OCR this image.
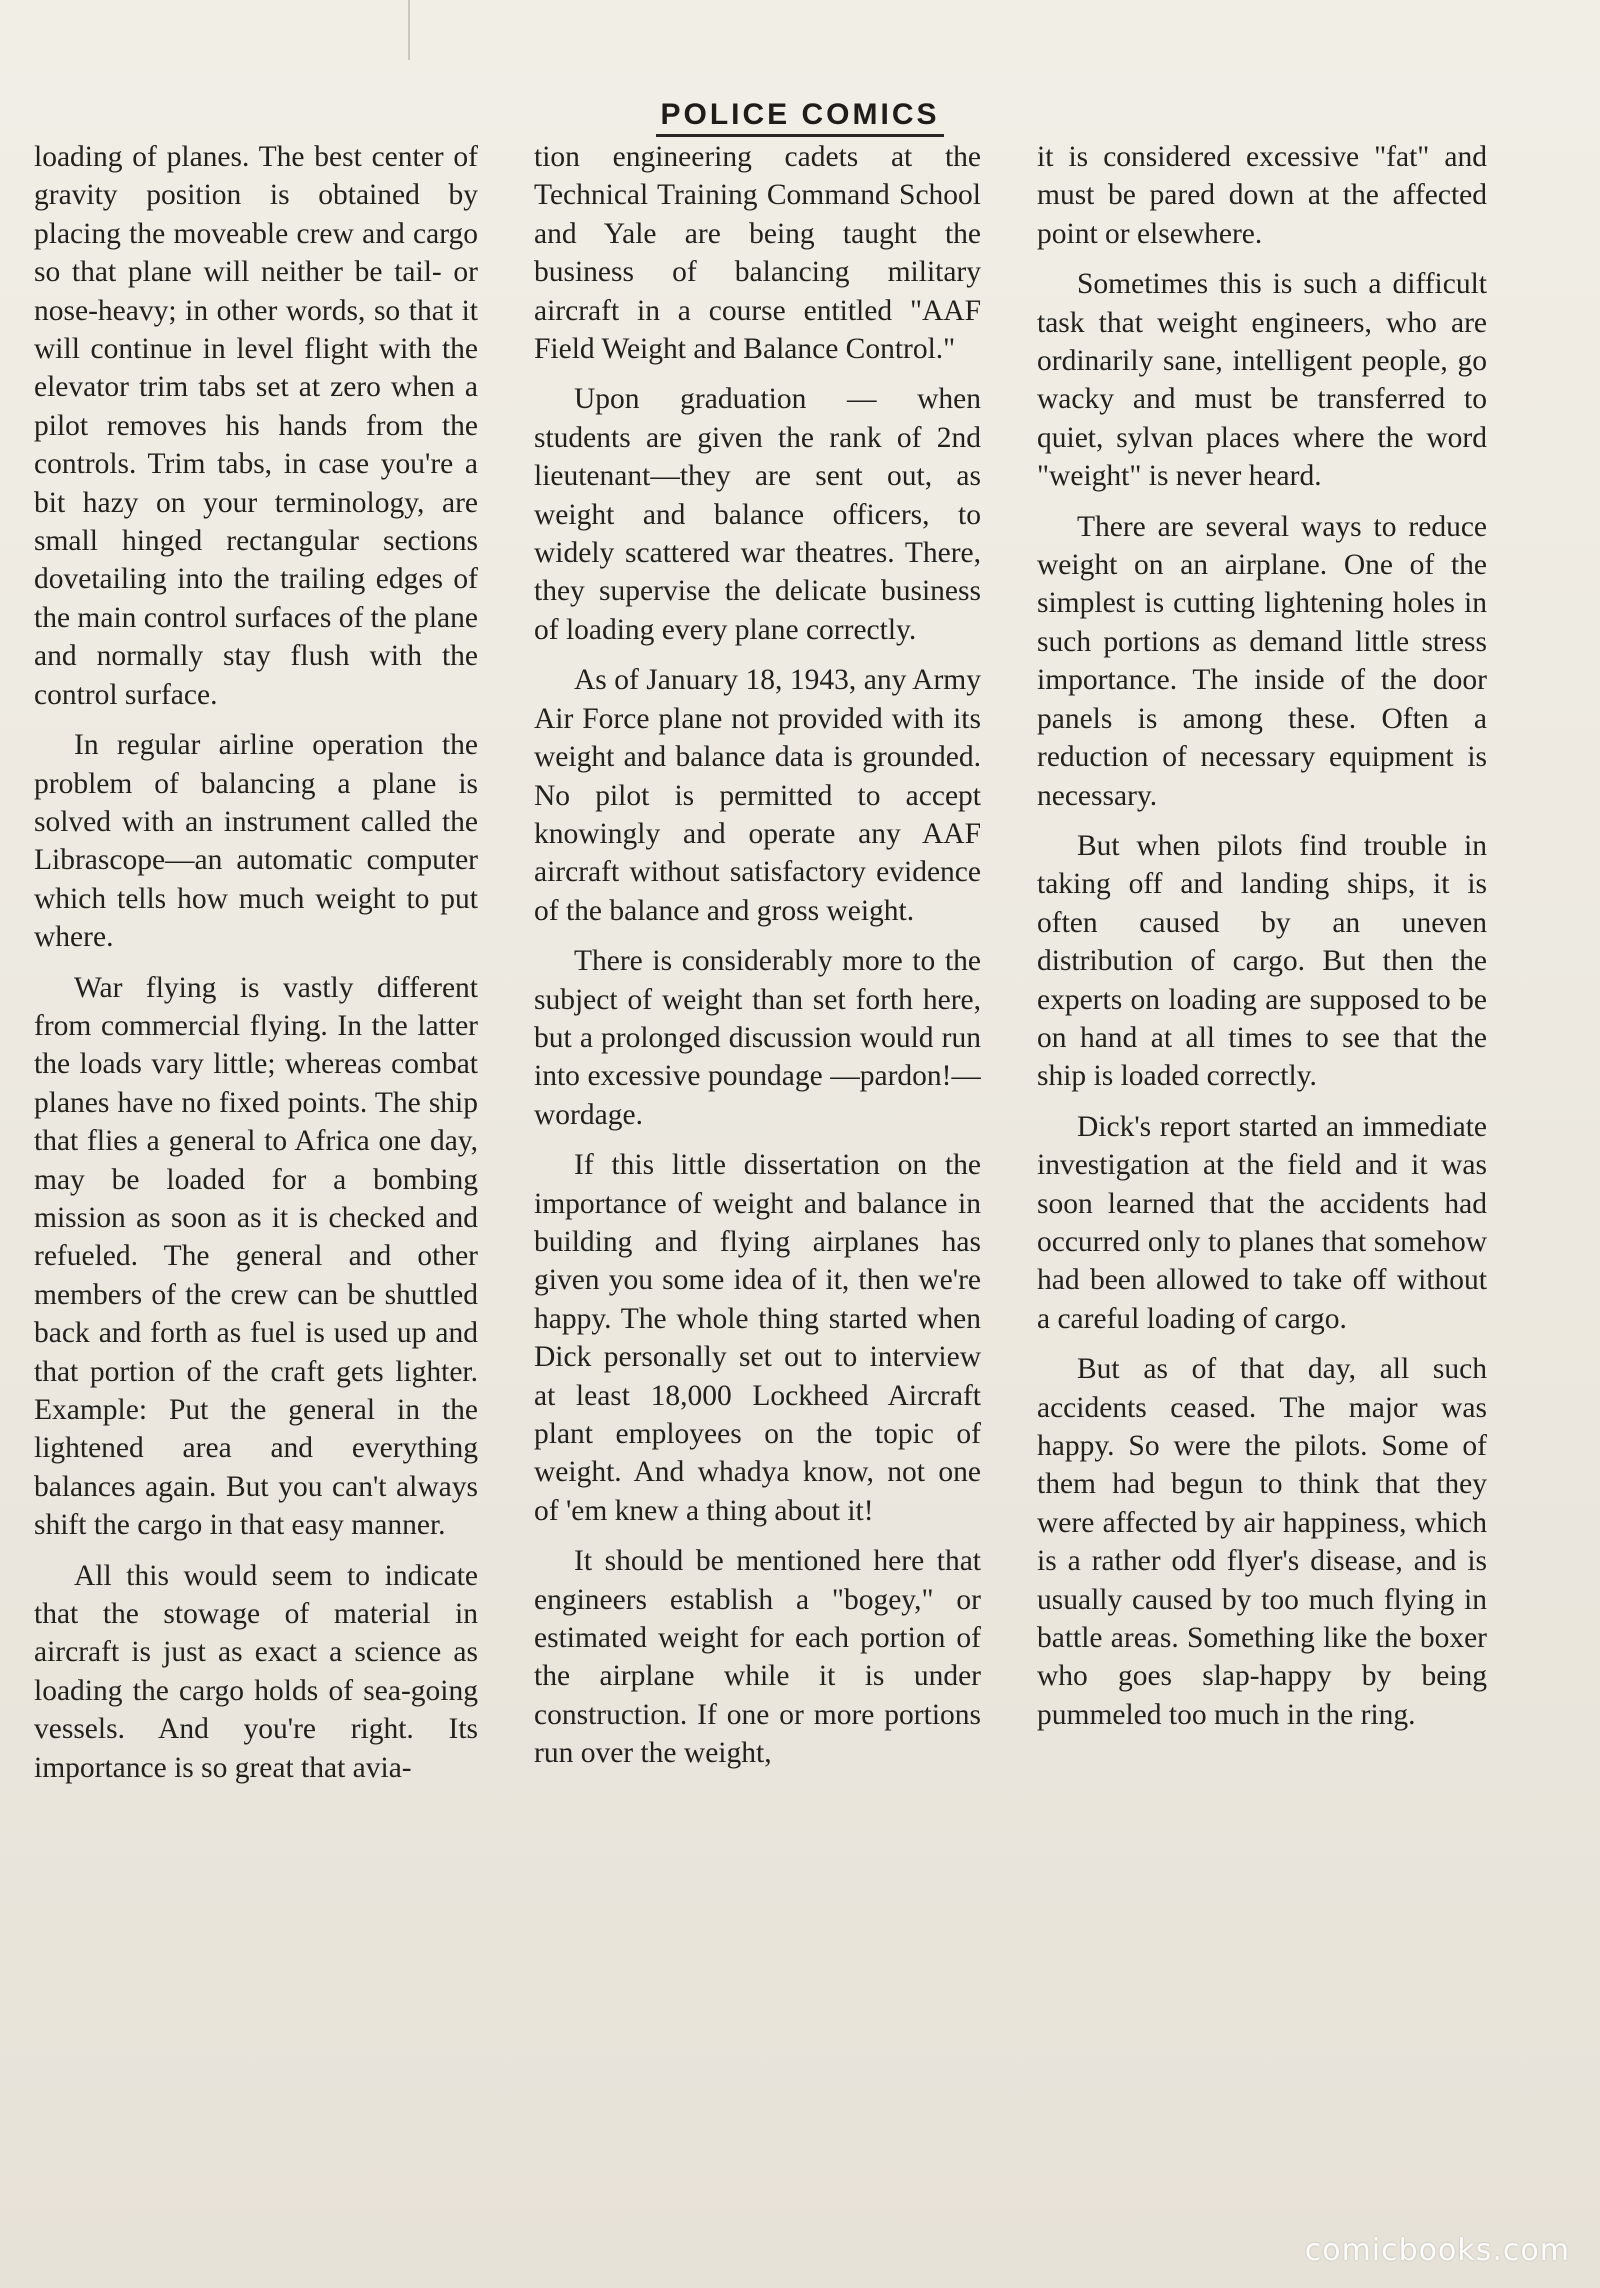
POLICE COMICS

loading of planes. The best center of gravity position is obtained by placing the moveable crew and cargo so that plane will neither be tail- or nose-heavy; in other words, so that it will continue in level flight with the elevator trim tabs set at zero when a pilot removes his hands from the controls. Trim tabs, in case you're a bit hazy on your terminology, are small hinged rectangular sections dovetailing into the trailing edges of the main control surfaces of the plane and normally stay flush with the control surface.

In regular airline operation the problem of balancing a plane is solved with an instrument called the Librascope—an automatic computer which tells how much weight to put where.

War flying is vastly different from commercial flying. In the latter the loads vary little; whereas combat planes have no fixed points. The ship that flies a general to Africa one day, may be loaded for a bombing mission as soon as it is checked and refueled. The general and other members of the crew can be shuttled back and forth as fuel is used up and that portion of the craft gets lighter. Example: Put the general in the lightened area and everything balances again. But you can't always shift the cargo in that easy manner.

All this would seem to indicate that the stowage of material in aircraft is just as exact a science as loading the cargo holds of sea-going vessels. And you're right. Its importance is so great that avia-

tion engineering cadets at the Technical Training Command School and Yale are being taught the business of balancing military aircraft in a course entitled "AAF Field Weight and Balance Control."

Upon graduation — when students are given the rank of 2nd lieutenant—they are sent out, as weight and balance officers, to widely scattered war theatres. There, they supervise the delicate business of loading every plane correctly.

As of January 18, 1943, any Army Air Force plane not provided with its weight and balance data is grounded. No pilot is permitted to accept knowingly and operate any AAF aircraft without satisfactory evidence of the balance and gross weight.

There is considerably more to the subject of weight than set forth here, but a prolonged discussion would run into excessive poundage —pardon!—wordage.

If this little dissertation on the importance of weight and balance in building and flying airplanes has given you some idea of it, then we're happy. The whole thing started when Dick personally set out to interview at least 18,000 Lockheed Aircraft plant employees on the topic of weight. And whadya know, not one of 'em knew a thing about it!

It should be mentioned here that engineers establish a "bogey," or estimated weight for each portion of the airplane while it is under construction. If one or more portions run over the weight,

it is considered excessive "fat" and must be pared down at the affected point or elsewhere.

Sometimes this is such a difficult task that weight engineers, who are ordinarily sane, intelligent people, go wacky and must be transferred to quiet, sylvan places where the word "weight" is never heard.

There are several ways to reduce weight on an airplane. One of the simplest is cutting lightening holes in such portions as demand little stress importance. The inside of the door panels is among these. Often a reduction of necessary equipment is necessary.

But when pilots find trouble in taking off and landing ships, it is often caused by an uneven distribution of cargo. But then the experts on loading are supposed to be on hand at all times to see that the ship is loaded correctly.

Dick's report started an immediate investigation at the field and it was soon learned that the accidents had occurred only to planes that somehow had been allowed to take off without a careful loading of cargo.

But as of that day, all such accidents ceased. The major was happy. So were the pilots. Some of them had begun to think that they were affected by air happiness, which is a rather odd flyer's disease, and is usually caused by too much flying in battle areas. Something like the boxer who goes slap-happy by being pummeled too much in the ring.

comicbooks.com
